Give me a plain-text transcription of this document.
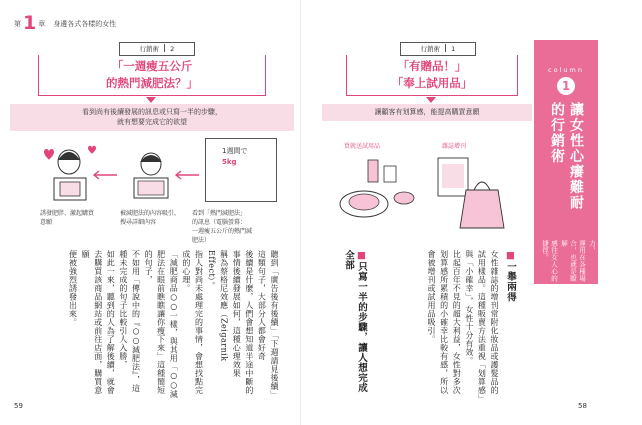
第 1 章 身邊各式各樣的女性
行銷術 2
「一週瘦五公斤
的熱門減肥法？」
看到尚有後續發展的訊息或只寫一半的步驟，
就有想要完成它的欲望
誘發肥胖、激起購買
意願
被減肥法的內容吸引，
搜尋詳細內容
1週間で
5kg
看到「熱門減肥法」
的訊息（電腦螢幕：
一週瘦五公斤的熱門減
肥法）
行銷術 1
「有贈品！」
「奉上試用品」
讓顧客有划算感，能提高購買意願
買就送試用品	雜誌增刊
聽到「廣告後有後續」「下週請見後續」這類句子，大部分人都會好奇
後續是什麼，人們會想知道半途中斷的事情後續發展如何，這種心理效果
稱為蔡格尼效應（Zeigarnik Effect）。
指人對尚未處理完的事情，會想找點完成的心理。
「減肥商品○○一樣，與其用「○○減肥法在眼前瞧瞧讓你瘦下來」這種簡短
的句子，
不如用「傳說中的『○○減肥法』，這種未完成的句子比較引人入勝，
如此一來，聽到的人為了解後續，就會去購買該商品網站或前往店面，購買意願
便被強烈誘發出來。	■一舉兩得
女性雜誌的增刊常附化妝品或護髮品的試用樣品。這種販賣方法重視「划算感」與「小確幸」，女性十分有效。
比起百年不見的超大利益，女性對多次划算感所累積的小確幸比較有感，所以會被增刊或試用品吸引。
■只寫一半的步驟，讓人想完成全部
column
1
讓女性心癢難耐
的行銷術
讓女性不知不覺買下商品的行銷
法中，心理學助了一臂之力，
運用在各種場合，也就是瞭解
感往女人心的捷徑。
59	58
